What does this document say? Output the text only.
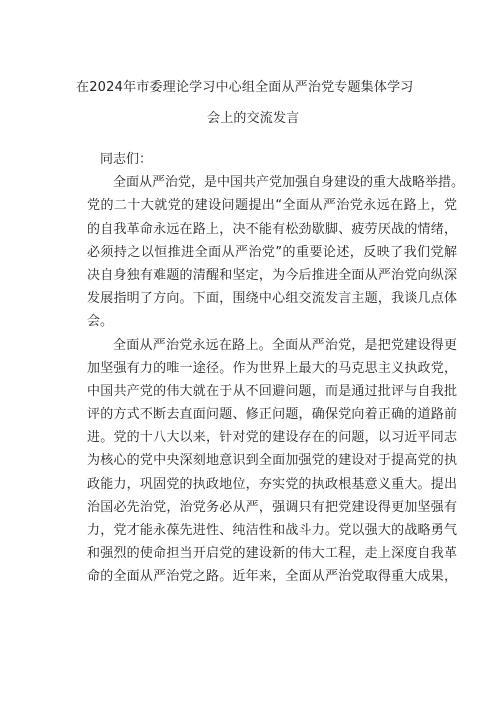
在2024年市委理论学习中心组全面从严治党专题集体学习
会上的交流发言
同志们：
全面从严治党，是中国共产党加强自身建设的重大战略举措。
党的二十大就党的建设问题提出“全面从严治党永远在路上，党
的自我革命永远在路上，决不能有松劲歇脚、疲劳厌战的情绪，
必须持之以恒推进全面从严治党”的重要论述，反映了我们党解
决自身独有难题的清醒和坚定，为今后推进全面从严治党向纵深
发展指明了方向。下面，围绕中心组交流发言主题，我谈几点体
会。
全面从严治党永远在路上。全面从严治党，是把党建设得更
加坚强有力的唯一途径。作为世界上最大的马克思主义执政党，
中国共产党的伟大就在于从不回避问题，而是通过批评与自我批
评的方式不断去直面问题、修正问题，确保党向着正确的道路前
进。党的十八大以来，针对党的建设存在的问题，以习近平同志
为核心的党中央深刻地意识到全面加强党的建设对于提高党的执
政能力，巩固党的执政地位，夯实党的执政根基意义重大。提出
治国必先治党，治党务必从严，强调只有把党建设得更加坚强有
力，党才能永葆先进性、纯洁性和战斗力。党以强大的战略勇气
和强烈的使命担当开启党的建设新的伟大工程，走上深度自我革
命的全面从严治党之路。近年来，全面从严治党取得重大成果，
